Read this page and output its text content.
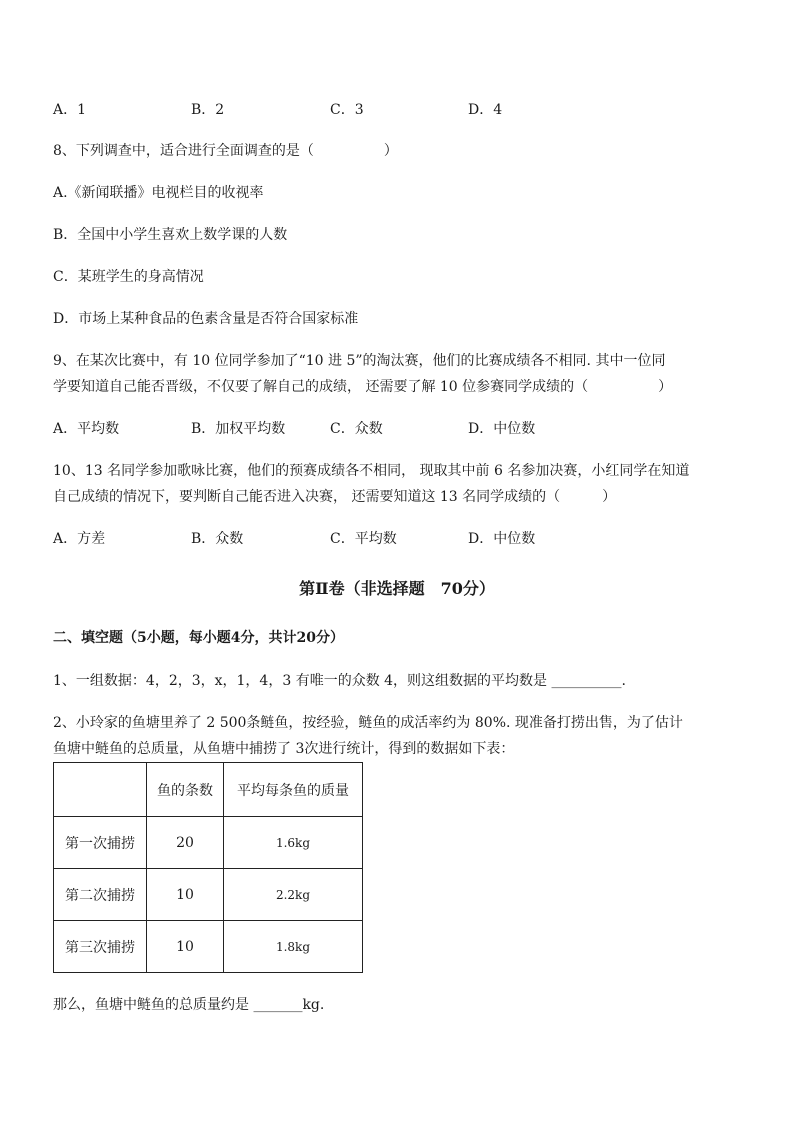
A．1	B．2	C．3	D．4
8、下列调查中，适合进行全面调查的是（　　　　　）
A.《新闻联播》电视栏目的收视率
B．全国中小学生喜欢上数学课的人数
C．某班学生的身高情况
D．市场上某种食品的色素含量是否符合国家标准
9、在某次比赛中，有 10 位同学参加了“10 进 5”的淘汰赛，他们的比赛成绩各不相同. 其中一位同
学要知道自己能否晋级，不仅要了解自己的成绩， 还需要了解 10 位参赛同学成绩的（　　　　　）
A．平均数	B．加权平均数	C．众数	D．中位数
10、13 名同学参加歌咏比赛，他们的预赛成绩各不相同， 现取其中前 6 名参加决赛，小红同学在知道
自己成绩的情况下，要判断自己能否进入决赛， 还需要知道这 13 名同学成绩的（　　　）
A．方差	B．众数	C．平均数	D．中位数
第Ⅱ卷（非选择题　70分）
二、填空题（5小题，每小题4分，共计20分）
1、一组数据：4，2，3，x，1，4，3 有唯一的众数 4，则这组数据的平均数是 __________.
2、小玲家的鱼塘里养了 2 500条鲢鱼，按经验，鲢鱼的成活率约为 80%. 现准备打捞出售，为了估计
鱼塘中鲢鱼的总质量，从鱼塘中捕捞了 3次进行统计，得到的数据如下表：
	鱼的条数	平均每条鱼的质量
第一次捕捞	20	1.6kg
第二次捕捞	10	2.2kg
第三次捕捞	10	1.8kg
那么，鱼塘中鲢鱼的总质量约是 _______kg.
